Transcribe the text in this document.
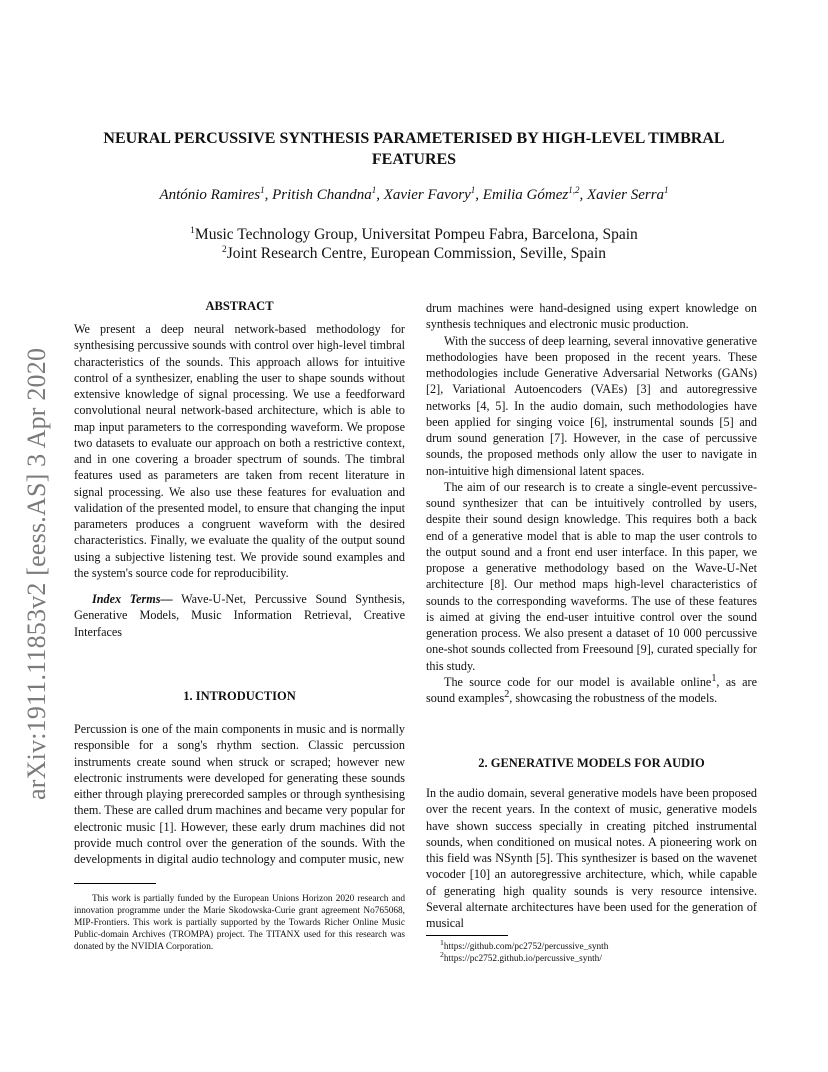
arXiv:1911.11853v2 [eess.AS] 3 Apr 2020
NEURAL PERCUSSIVE SYNTHESIS PARAMETERISED BY HIGH-LEVEL TIMBRAL
FEATURES
António Ramires$^1$, Pritish Chandna$^1$, Xavier Favory$^1$, Emilia Gómez$^{1,2}$, Xavier Serra$^1$
$^1$Music Technology Group, Universitat Pompeu Fabra, Barcelona, Spain
$^2$Joint Research Centre, European Commission, Seville, Spain
ABSTRACT

We present a deep neural network-based methodology for synthesising percussive sounds with control over high-level timbral characteristics of the sounds. This approach allows for intuitive control of a synthesizer, enabling the user to shape sounds without extensive knowledge of signal processing. We use a feedforward convolutional neural network-based architecture, which is able to map input parameters to the corresponding waveform. We propose two datasets to evaluate our approach on both a restrictive context, and in one covering a broader spectrum of sounds. The timbral features used as parameters are taken from recent literature in signal processing. We also use these features for evaluation and validation of the presented model, to ensure that changing the input parameters produces a congruent waveform with the desired characteristics. Finally, we evaluate the quality of the output sound using a subjective listening test. We provide sound examples and the system's source code for reproducibility.

Index Terms— Wave-U-Net, Percussive Sound Synthesis, Generative Models, Music Information Retrieval, Creative Interfaces

1. INTRODUCTION

Percussion is one of the main components in music and is normally responsible for a song's rhythm section. Classic percussion instruments create sound when struck or scraped; however new electronic instruments were developed for generating these sounds either through playing prerecorded samples or through synthesising them. These are called drum machines and became very popular for electronic music [1]. However, these early drum machines did not provide much control over the generation of the sounds. With the developments in digital audio technology and computer music, new

This work is partially funded by the European Unions Horizon 2020 research and innovation programme under the Marie Skodowska-Curie grant agreement No765068, MIP-Frontiers. This work is partially supported by the Towards Richer Online Music Public-domain Archives (TROMPA) project. The TITANX used for this research was donated by the NVIDIA Corporation.

drum machines were hand-designed using expert knowledge on synthesis techniques and electronic music production.

With the success of deep learning, several innovative generative methodologies have been proposed in the recent years. These methodologies include Generative Adversarial Networks (GANs) [2], Variational Autoencoders (VAEs) [3] and autoregressive networks [4, 5]. In the audio domain, such methodologies have been applied for singing voice [6], instrumental sounds [5] and drum sound generation [7]. However, in the case of percussive sounds, the proposed methods only allow the user to navigate in non-intuitive high dimensional latent spaces.

The aim of our research is to create a single-event percussive-sound synthesizer that can be intuitively controlled by users, despite their sound design knowledge. This requires both a back end of a generative model that is able to map the user controls to the output sound and a front end user interface. In this paper, we propose a generative methodology based on the Wave-U-Net architecture [8]. Our method maps high-level characteristics of sounds to the corresponding waveforms. The use of these features is aimed at giving the end-user intuitive control over the sound generation process. We also present a dataset of 10 000 percussive one-shot sounds collected from Freesound [9], curated specially for this study.

The source code for our model is available online$^1$, as are sound examples$^2$, showcasing the robustness of the models.

2. GENERATIVE MODELS FOR AUDIO

In the audio domain, several generative models have been proposed over the recent years. In the context of music, generative models have shown success specially in creating pitched instrumental sounds, when conditioned on musical notes. A pioneering work on this field was NSynth [5]. This synthesizer is based on the wavenet vocoder [10] an autoregressive architecture, which, while capable of generating high quality sounds is very resource intensive. Several alternate architectures have been used for the generation of musical

$^1$https://github.com/pc2752/percussive_synth
$^2$https://pc2752.github.io/percussive_synth/
